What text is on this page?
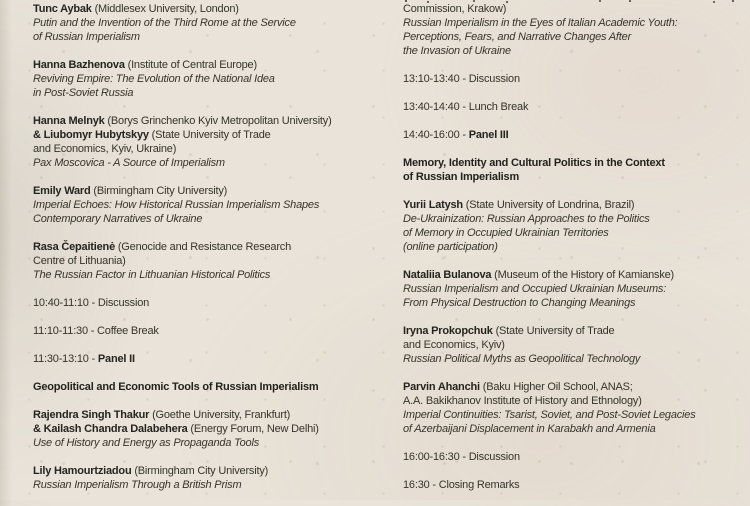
Tunc Aybak (Middlesex University, London)
Putin and the Invention of the Third Rome at the Service
of Russian Imperialism
Hanna Bazhenova (Institute of Central Europe)
Reviving Empire: The Evolution of the National Idea
in Post-Soviet Russia
Hanna Melnyk (Borys Grinchenko Kyiv Metropolitan University)
& Liubomyr Hubytskyy (State University of Trade
and Economics, Kyiv, Ukraine)
Pax Moscovica - A Source of Imperialism
Emily Ward (Birmingham City University)
Imperial Echoes: How Historical Russian Imperialism Shapes
Contemporary Narratives of Ukraine
Rasa Čepaitienė (Genocide and Resistance Research
Centre of Lithuania)
The Russian Factor in Lithuanian Historical Politics
10:40-11:10 - Discussion
11:10-11:30 - Coffee Break
11:30-13:10 - Panel II
Geopolitical and Economic Tools of Russian Imperialism
Rajendra Singh Thakur (Goethe University, Frankfurt)
& Kailash Chandra Dalabehera (Energy Forum, New Delhi)
Use of History and Energy as Propaganda Tools
Lily Hamourtziadou (Birmingham City University)
Russian Imperialism Through a British Prism
Commission, Krakow)
Russian Imperialism in the Eyes of Italian Academic Youth:
Perceptions, Fears, and Narrative Changes After
the Invasion of Ukraine
13:10-13:40 - Discussion
13:40-14:40 - Lunch Break
14:40-16:00 - Panel III
Memory, Identity and Cultural Politics in the Context
of Russian Imperialism
Yurii Latysh (State University of Londrina, Brazil)
De-Ukrainization: Russian Approaches to the Politics
of Memory in Occupied Ukrainian Territories
(online participation)
Nataliia Bulanova (Museum of the History of Kamianske)
Russian Imperialism and Occupied Ukrainian Museums:
From Physical Destruction to Changing Meanings
Iryna Prokopchuk (State University of Trade
and Economics, Kyiv)
Russian Political Myths as Geopolitical Technology
Parvin Ahanchi (Baku Higher Oil School, ANAS;
A.A. Bakikhanov Institute of History and Ethnology)
Imperial Continuities: Tsarist, Soviet, and Post-Soviet Legacies
of Azerbaijani Displacement in Karabakh and Armenia
16:00-16:30 - Discussion
16:30 - Closing Remarks
